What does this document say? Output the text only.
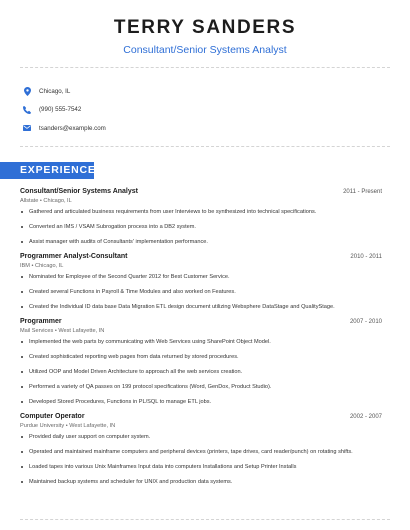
TERRY SANDERS
Consultant/Senior Systems Analyst
Chicago, IL
(990) 555-7542
tsanders@example.com
EXPERIENCE
Consultant/Senior Systems Analyst	2011 - Present
Allstate • Chicago, IL
Gathered and articulated business requirements from user Interviews to be synthesized into technical specifications.
Converted an IMS / VSAM Subrogation process into a DB2 system.
Assist manager with audits of Consultants' implementation performance.
Programmer Analyst-Consultant	2010 - 2011
IBM • Chicago, IL
Nominated for Employee of the Second Quarter 2012 for Best Customer Service.
Created several Functions in Payroll & Time Modules and also worked on Features.
Created the Individual ID data base Data Migration ETL design document utilizing Websphere DataStage and QualityStage.
Programmer	2007 - 2010
Mail Services • West Lafayette, IN
Implemented the web parts by communicating with Web Services using SharePoint Object Model.
Created sophisticated reporting web pages from data returned by stored procedures.
Utilized OOP and Model Driven Architecture to approach all the web services creation.
Performed a variety of QA passes on 199 protocol specifications (Word, GenDox, Product Studio).
Developed Stored Procedures, Functions in PL/SQL to manage ETL jobs.
Computer Operator	2002 - 2007
Purdue University • West Lafayette, IN
Provided daily user support on computer system.
Operated and maintained mainframe computers and peripheral devices (printers, tape drives, card reader/punch) on rotating shifts.
Loaded tapes into various Unix Mainframes Input data into computers Installations and Setup Printer Installs
Maintained backup systems and scheduler for UNIX and production data systems.
